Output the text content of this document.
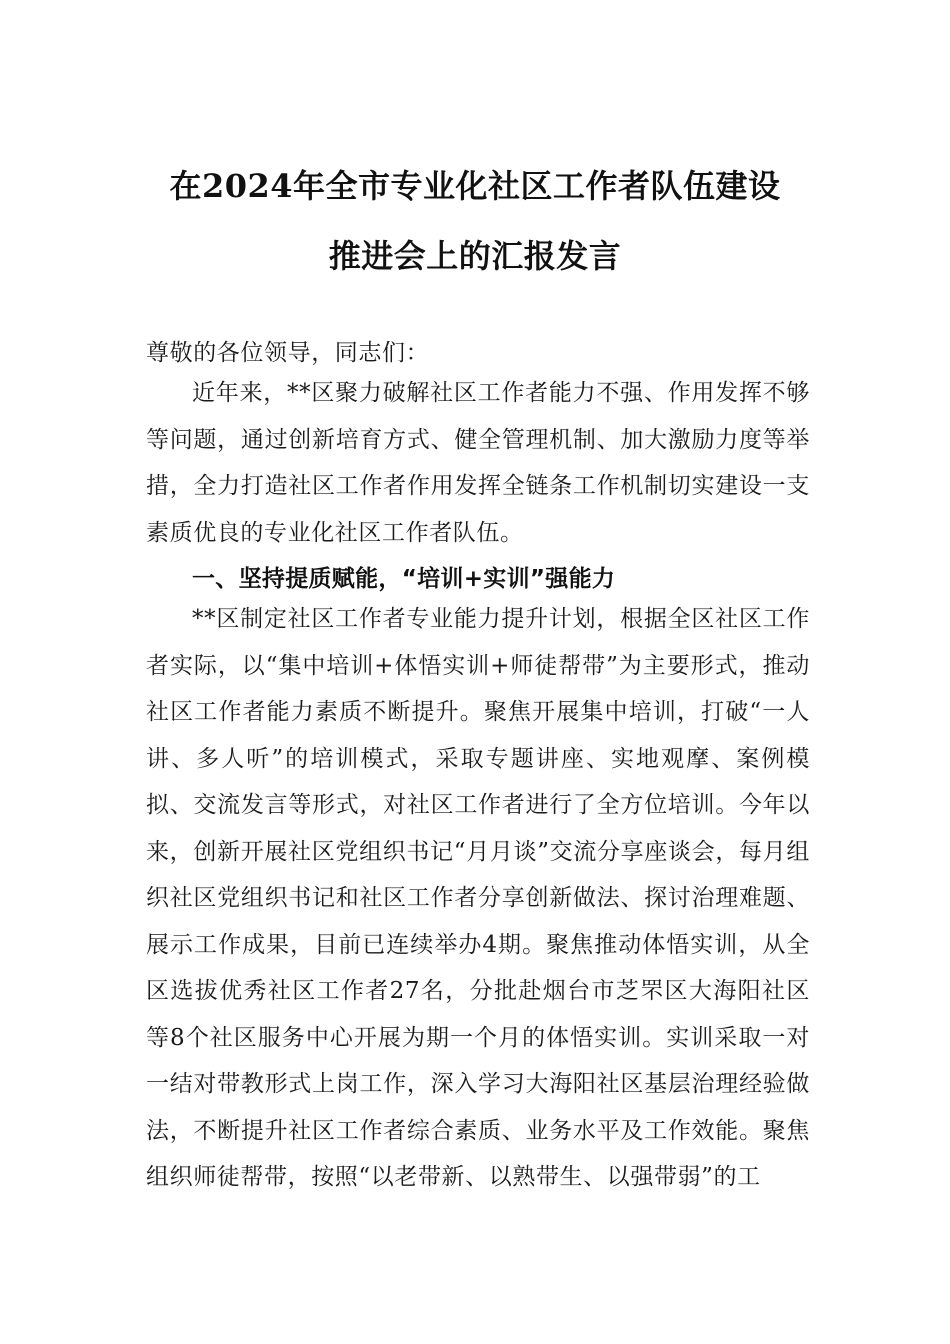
在2024年全市专业化社区工作者队伍建设
推进会上的汇报发言
尊敬的各位领导，同志们：
近年来，**区聚力破解社区工作者能力不强、作用发挥不够等问题，通过创新培育方式、健全管理机制、加大激励力度等举措，全力打造社区工作者作用发挥全链条工作机制切实建设一支素质优良的专业化社区工作者队伍。
一、坚持提质赋能，“培训+实训”强能力
**区制定社区工作者专业能力提升计划，根据全区社区工作者实际，以“集中培训+体悟实训+师徒帮带”为主要形式，推动社区工作者能力素质不断提升。聚焦开展集中培训，打破“一人讲、多人听”的培训模式，采取专题讲座、实地观摩、案例模拟、交流发言等形式，对社区工作者进行了全方位培训。今年以来，创新开展社区党组织书记“月月谈”交流分享座谈会，每月组织社区党组织书记和社区工作者分享创新做法、探讨治理难题、展示工作成果，目前已连续举办4期。聚焦推动体悟实训，从全区选拔优秀社区工作者27名，分批赴烟台市芝罘区大海阳社区等8个社区服务中心开展为期一个月的体悟实训。实训采取一对一结对带教形式上岗工作，深入学习大海阳社区基层治理经验做法，不断提升社区工作者综合素质、业务水平及工作效能。聚焦组织师徒帮带，按照“以老带新、以熟带生、以强带弱”的工
